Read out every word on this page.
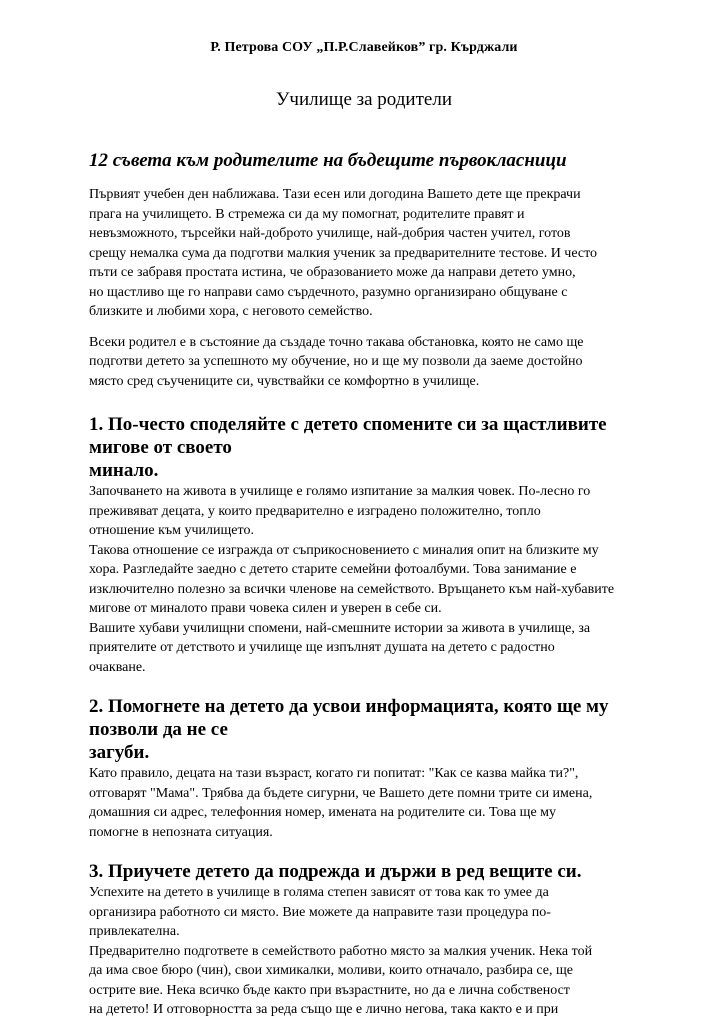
Р. Петрова СОУ „П.Р.Славейков” гр. Кърджали
Училище за родители
12 съвета към родителите на бъдещите първокласници

Първият учебен ден наближава. Тази есен или догодина Вашето дете ще прекрачи
прага на училището. В стремежа си да му помогнат, родителите правят и
невъзможното, търсейки най-доброто училище, най-добрия частен учител, готов
срещу немалка сума да подготви малкия ученик за предварителните тестове. И често
пъти се забравя простата истина, че образованието може да направи детето умно,
но щастливо ще го направи само сърдечното, разумно организирано общуване с
близките и любими хора, с неговото семейство.

Всеки родител е в състояние да създаде точно такава обстановка, която не само ще
подготви детето за успешното му обучение, но и ще му позволи да заеме достойно
място сред съучениците си, чувствайки се комфортно в училище.

1. По-често споделяйте с детето спомените си за щастливите
мигове от своето
минало.

Започването на живота в училище е голямо изпитание за малкия човек. По-лесно го
преживяват децата, у които предварително е изградено положително, топло
отношение към училището.

Такова отношение се изгражда от съприкосновението с миналия опит на близките му
хора. Разгледайте заедно с детето старите семейни фотоалбуми. Това занимание е
изключително полезно за всички членове на семейството. Връщането към най-хубавите
мигове от миналото прави човека силен и уверен в себе си.

Вашите хубави училищни спомени, най-смешните истории за живота в училище, за
приятелите от детството и училище ще изпълнят душата на детето с радостно
очакване.

2. Помогнете на детето да усвои информацията, която ще му
позволи да не се
загуби.

Като правило, децата на тази възраст, когато ги попитат: "Как се казва майка ти?",
отговарят "Мама". Трябва да бъдете сигурни, че Вашето дете помни трите си имена,
домашния си адрес, телефонния номер, имената на родителите си. Това ще му
помогне в непозната ситуация.

3. Приучете детето да подрежда и държи в ред вещите си.

Успехите на детето в училище в голяма степен зависят от това как то умее да
организира работното си място. Вие можете да направите тази процедура по-
привлекателна.

Предварително подгответе в семейството работно място за малкия ученик. Нека той
да има свое бюро (чин), свои химикалки, моливи, които отначало, разбира се, ще
острите вие. Нека всичко бъде както при възрастните, но да е лична собственост
на детето! И отговорността за реда също ще е лично негова, така както е и при
